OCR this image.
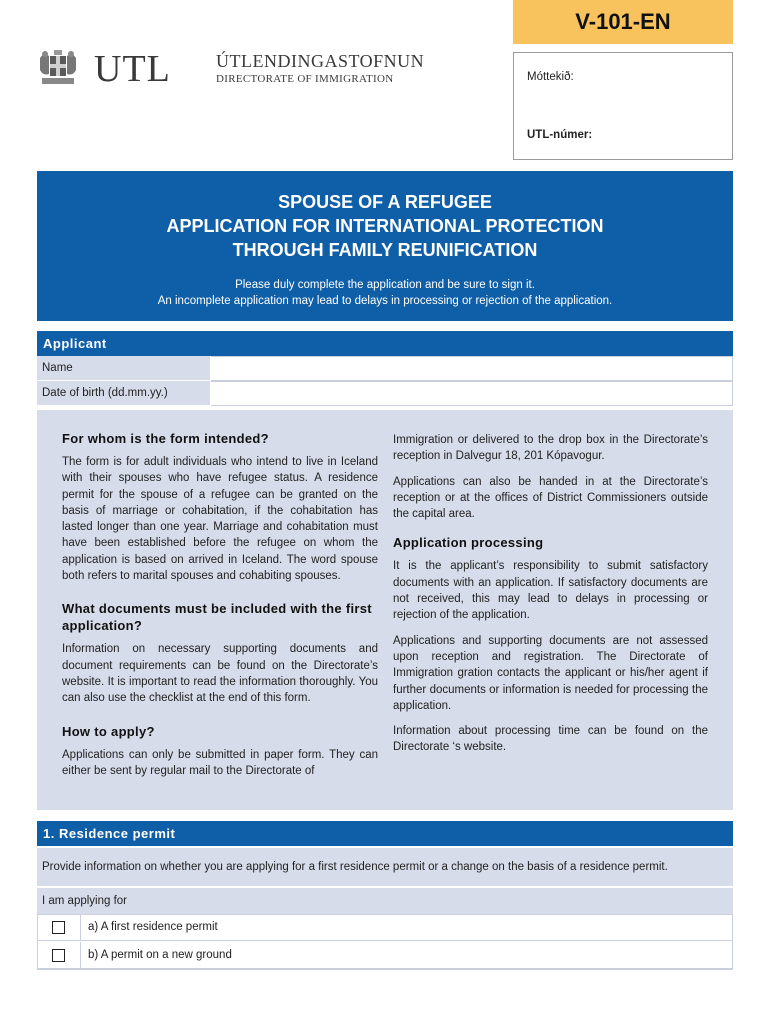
V-101-EN
Móttekið:
UTL-númer:
UTL	ÚTLENDINGASTOFNUN
DIRECTORATE OF IMMIGRATION
SPOUSE OF A REFUGEE
APPLICATION FOR INTERNATIONAL PROTECTION
THROUGH FAMILY REUNIFICATION
Please duly complete the application and be sure to sign it.
An incomplete application may lead to delays in processing or rejection of the application.
Applicant
Name
Date of birth (dd.mm.yy.)
For whom is the form intended?

The form is for adult individuals who intend to live in Iceland with their spouses who have refugee status. A residence permit for the spouse of a refugee can be granted on the basis of marriage or cohabitation, if the cohabitation has lasted longer than one year. Marriage and cohabitation must have been established before the refugee on whom the application is based on arrived in Iceland. The word spouse both refers to marital spouses and cohabiting spouses.

What documents must be included with the first application?

Information on necessary supporting documents and document requirements can be found on the Directorate’s website. It is important to read the information thoroughly. You can also use the checklist at the end of this form.

How to apply?

Applications can only be submitted in paper form. They can either be sent by regular mail to the Directorate of

Immigration or delivered to the drop box in the Directorate’s reception in Dalvegur 18, 201 Kópavogur.

Applications can also be handed in at the Directorate’s reception or at the offices of District Commissioners outside the capital area.

Application processing

It is the applicant’s responsibility to submit satisfactory documents with an application. If satisfactory documents are not received, this may lead to delays in processing or rejection of the application.

Applications and supporting documents are not assessed upon reception and registration. The Directorate of Immigration gration contacts the applicant or his/her agent if further documents or information is needed for processing the application.

Information about processing time can be found on the Directorate ‘s website.

1. Residence permit
Provide information on whether you are applying for a first residence permit or a change on the basis of a residence permit.
I am applying for
a) A first residence permit
b) A permit on a new ground
